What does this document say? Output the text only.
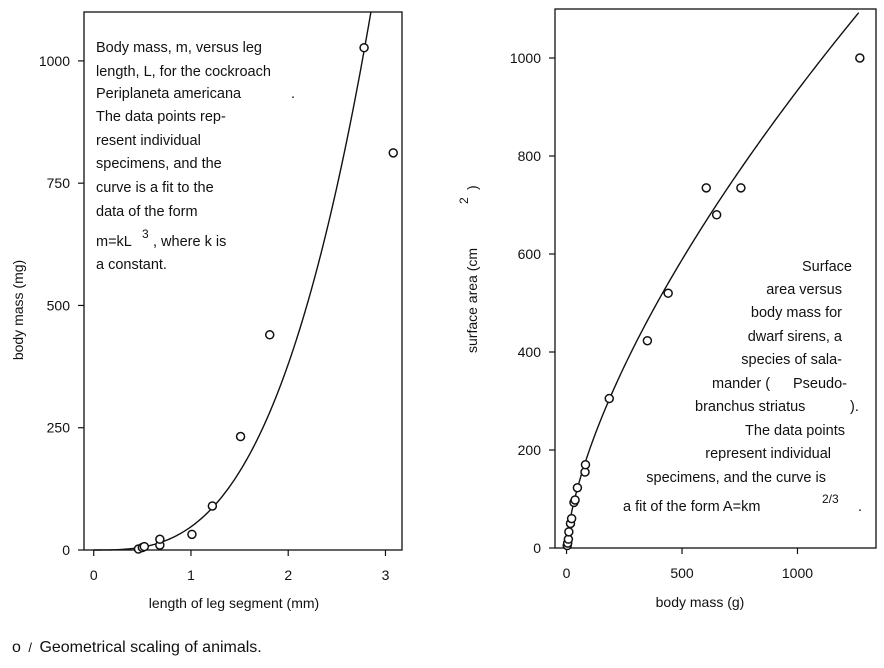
0	1	2	3
0
250
500
750
1000
length of leg segment (mm)
body mass (mg)
Body mass, m, versus leg
length, L, for the cockroach
Periplaneta americana	.
The data points rep-
resent individual
specimens, and the
curve is a fit to the
data of the form
m=kL 3 , where k is
a constant.
0	500	1000
0
200
400
600
800
1000
body mass (g)
surface area (cm
2
)
Surface
area versus
body mass for
dwarf sirens, a
species of sala-
mander ( Pseudo-
branchus striatus	).
The data points
represent individual
specimens, and the curve is
a fit of the form A=km	2/3 .
o / Geometrical scaling of animals.
